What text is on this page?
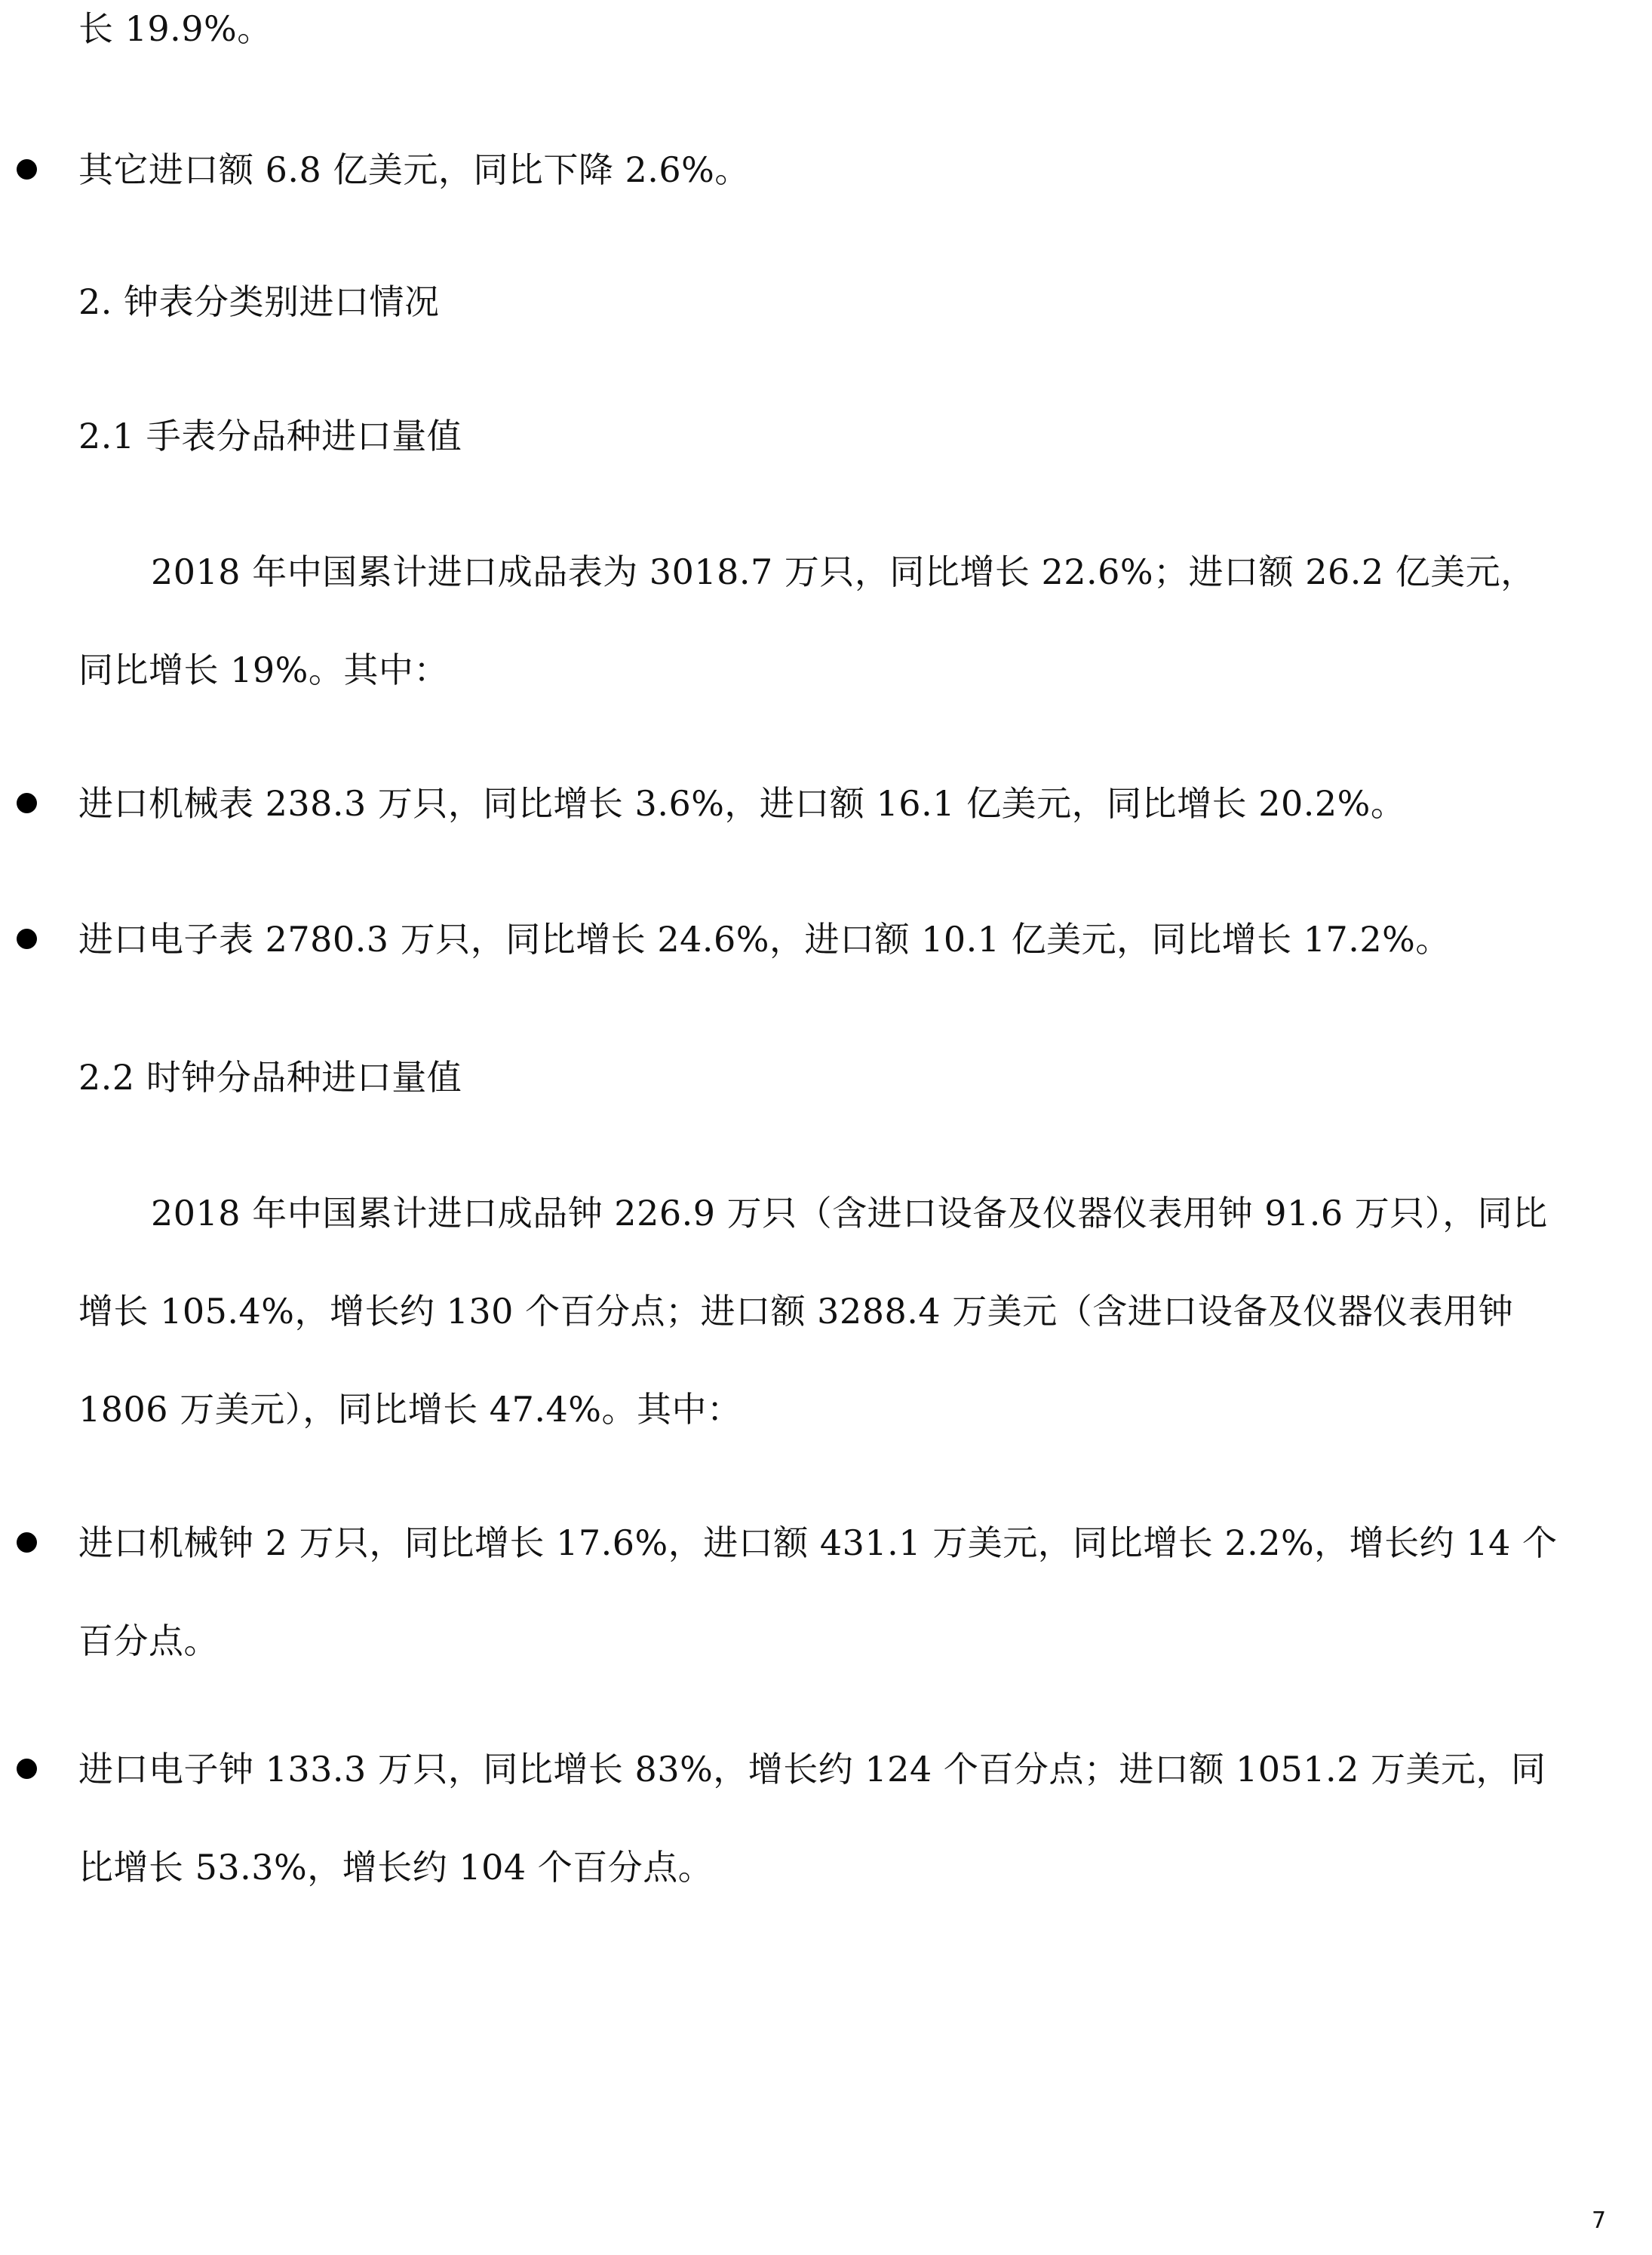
长 19.9%。
其它进口额 6.8 亿美元，同比下降 2.6%。
2. 钟表分类别进口情况
2.1 手表分品种进口量值
2018 年中国累计进口成品表为 3018.7 万只，同比增长 22.6%；进口额 26.2 亿美元，
同比增长 19%。其中：
进口机械表 238.3 万只，同比增长 3.6%，进口额 16.1 亿美元，同比增长 20.2%。
进口电子表 2780.3 万只，同比增长 24.6%，进口额 10.1 亿美元，同比增长 17.2%。
2.2 时钟分品种进口量值
2018 年中国累计进口成品钟 226.9 万只（含进口设备及仪器仪表用钟 91.6 万只），同比
增长 105.4%，增长约 130 个百分点；进口额 3288.4 万美元（含进口设备及仪器仪表用钟
1806 万美元），同比增长 47.4%。其中：
进口机械钟 2 万只，同比增长 17.6%，进口额 431.1 万美元，同比增长 2.2%，增长约 14 个
百分点。
进口电子钟 133.3 万只，同比增长 83%，增长约 124 个百分点；进口额 1051.2 万美元，同
比增长 53.3%，增长约 104 个百分点。
7
